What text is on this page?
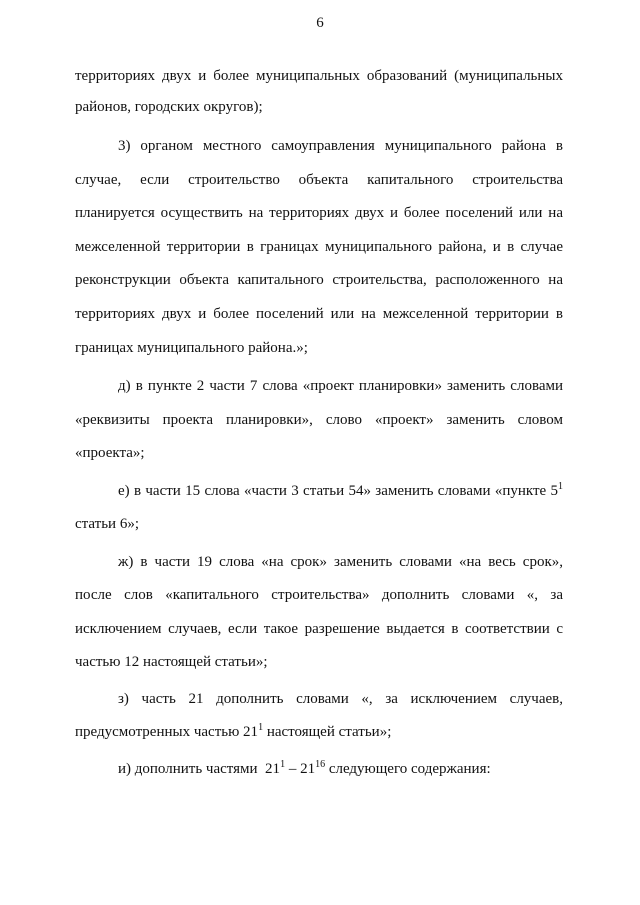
6
территориях двух и более муниципальных образований (муниципальных
районов, городских округов);
3) органом местного самоуправления муниципального района в
случае, если строительство объекта капитального строительства
планируется осуществить на территориях двух и более поселений или на
межселенной территории в границах муниципального района, и в случае
реконструкции объекта капитального строительства, расположенного на
территориях двух и более поселений или на межселенной территории в
границах муниципального района.»;
д) в пункте 2 части 7 слова «проект планировки» заменить словами
«реквизиты проекта планировки», слово «проект» заменить словом
«проекта»;
е) в части 15 слова «части 3 статьи 54» заменить словами «пункте $5^1$
статьи 6»;
ж) в части 19 слова «на срок» заменить словами «на весь срок»,
после слов «капитального строительства» дополнить словами «, за
исключением случаев, если такое разрешение выдается в соответствии с
частью 12 настоящей статьи»;
з) часть 21 дополнить словами «, за исключением случаев,
предусмотренных частью $21^1$ настоящей статьи»;
и) дополнить частями  $21^1 - 21^{16}$ следующего содержания:
